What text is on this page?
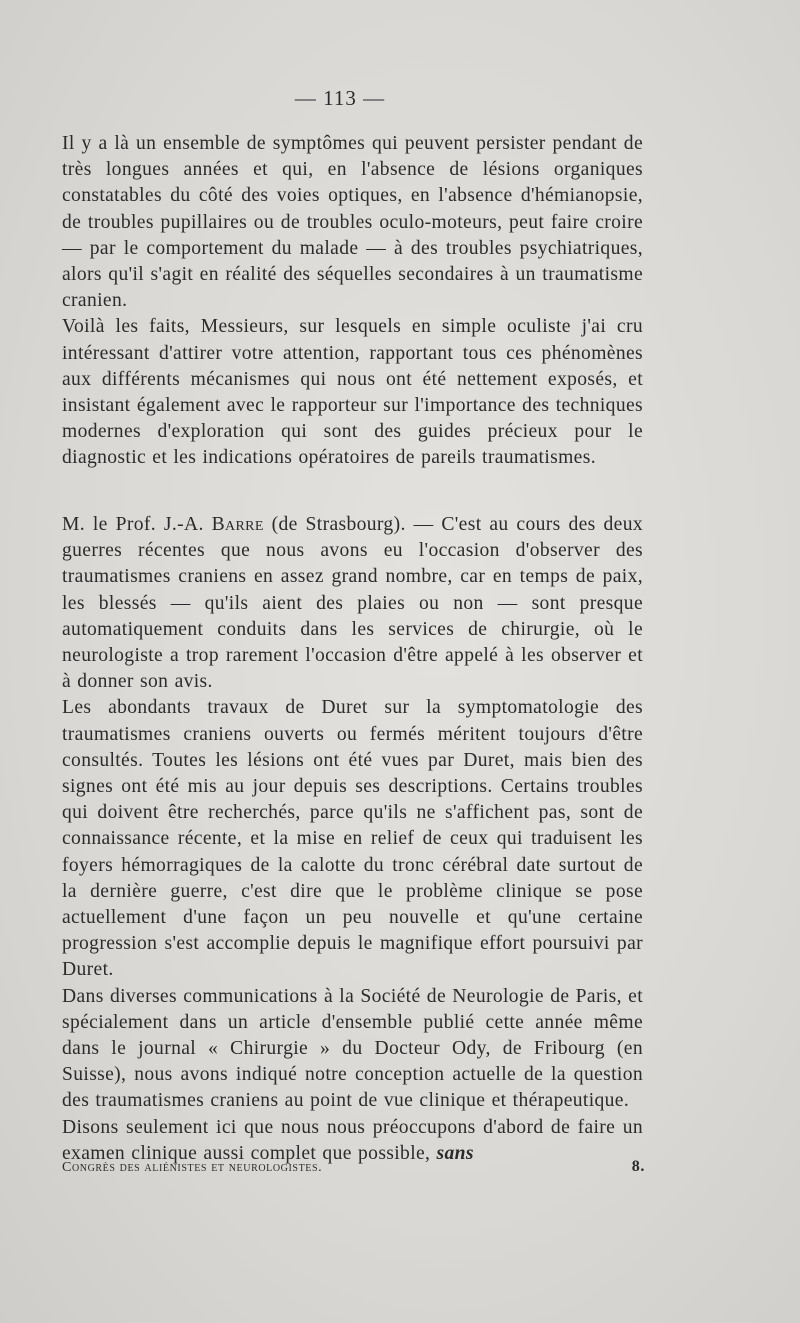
— 113 —

Il y a là un ensemble de symptômes qui peuvent persister pendant de très longues années et qui, en l'absence de lésions organiques constatables du côté des voies optiques, en l'absence d'hémianopsie, de troubles pupillaires ou de troubles oculo-moteurs, peut faire croire — par le comportement du malade — à des troubles psychiatriques, alors qu'il s'agit en réalité des séquelles secondaires à un traumatisme cranien.

Voilà les faits, Messieurs, sur lesquels en simple oculiste j'ai cru intéressant d'attirer votre attention, rapportant tous ces phénomènes aux différents mécanismes qui nous ont été nettement exposés, et insistant également avec le rapporteur sur l'importance des techniques modernes d'exploration qui sont des guides précieux pour le diagnostic et les indications opératoires de pareils traumatismes.

M. le Prof. J.-A. Barre (de Strasbourg). — C'est au cours des deux guerres récentes que nous avons eu l'occasion d'observer des traumatismes craniens en assez grand nombre, car en temps de paix, les blessés — qu'ils aient des plaies ou non — sont presque automatiquement conduits dans les services de chirurgie, où le neurologiste a trop rarement l'occasion d'être appelé à les observer et à donner son avis.

Les abondants travaux de Duret sur la symptomatologie des traumatismes craniens ouverts ou fermés méritent toujours d'être consultés. Toutes les lésions ont été vues par Duret, mais bien des signes ont été mis au jour depuis ses descriptions. Certains troubles qui doivent être recherchés, parce qu'ils ne s'affichent pas, sont de connaissance récente, et la mise en relief de ceux qui traduisent les foyers hémorragiques de la calotte du tronc cérébral date surtout de la dernière guerre, c'est dire que le problème clinique se pose actuellement d'une façon un peu nouvelle et qu'une certaine progression s'est accomplie depuis le magnifique effort poursuivi par Duret.

Dans diverses communications à la Société de Neurologie de Paris, et spécialement dans un article d'ensemble publié cette année même dans le journal « Chirurgie » du Docteur Ody, de Fribourg (en Suisse), nous avons indiqué notre conception actuelle de la question des traumatismes craniens au point de vue clinique et thérapeutique.

Disons seulement ici que nous nous préoccupons d'abord de faire un examen clinique aussi complet que possible, sans

Congrès des aliénistes et neurologistes.	8.
